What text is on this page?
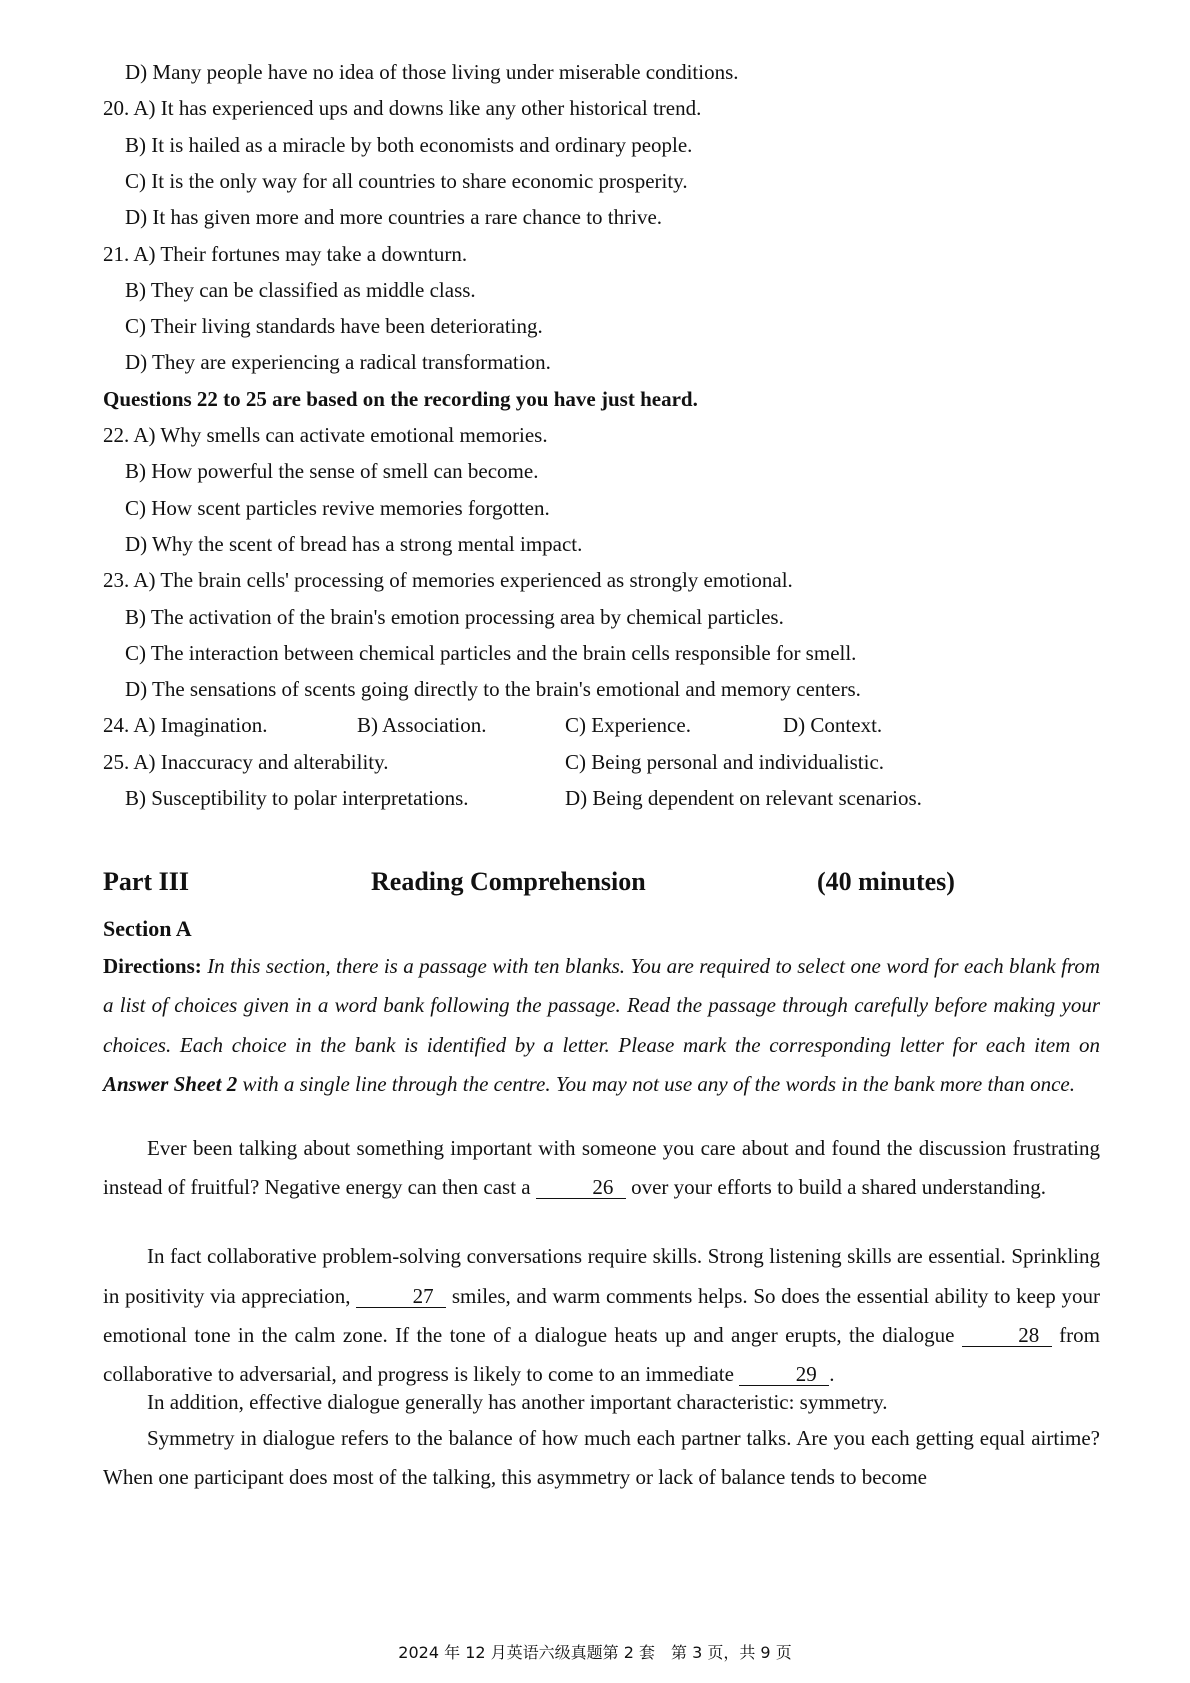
D) Many people have no idea of those living under miserable conditions.
20. A) It has experienced ups and downs like any other historical trend.
B) It is hailed as a miracle by both economists and ordinary people.
C) It is the only way for all countries to share economic prosperity.
D) It has given more and more countries a rare chance to thrive.
21. A) Their fortunes may take a downturn.
B) They can be classified as middle class.
C) Their living standards have been deteriorating.
D) They are experiencing a radical transformation.
Questions 22 to 25 are based on the recording you have just heard.
22. A) Why smells can activate emotional memories.
B) How powerful the sense of smell can become.
C) How scent particles revive memories forgotten.
D) Why the scent of bread has a strong mental impact.
23. A) The brain cells' processing of memories experienced as strongly emotional.
B) The activation of the brain's emotion processing area by chemical particles.
C) The interaction between chemical particles and the brain cells responsible for smell.
D) The sensations of scents going directly to the brain's emotional and memory centers.
24. A) Imagination.	B) Association.	C) Experience.	D) Context.
25. A) Inaccuracy and alterability.	C) Being personal and individualistic.
B) Susceptibility to polar interpretations.	D) Being dependent on relevant scenarios.
Part III	Reading Comprehension	(40 minutes)
Section A
Directions: In this section, there is a passage with ten blanks. You are required to select one word for each blank from a list of choices given in a word bank following the passage. Read the passage through carefully before making your choices. Each choice in the bank is identified by a letter. Please mark the corresponding letter for each item on Answer Sheet 2 with a single line through the centre. You may not use any of the words in the bank more than once.
Ever been talking about something important with someone you care about and found the discussion frustrating instead of fruitful? Negative energy can then cast a	26 over your efforts to build a shared understanding.
In fact collaborative problem-solving conversations require skills. Strong listening skills are essential. Sprinkling in positivity via appreciation,	27 smiles, and warm comments helps. So does the essential ability to keep your emotional tone in the calm zone. If the tone of a dialogue heats up and anger erupts, the dialogue	28 from collaborative to adversarial, and progress is likely to come to an immediate	29 .
In addition, effective dialogue generally has another important characteristic: symmetry.
Symmetry in dialogue refers to the balance of how much each partner talks. Are you each getting equal airtime? When one participant does most of the talking, this asymmetry or lack of balance tends to become
2024 年 12 月英语六级真题第 2 套　第 3 页，共 9 页
